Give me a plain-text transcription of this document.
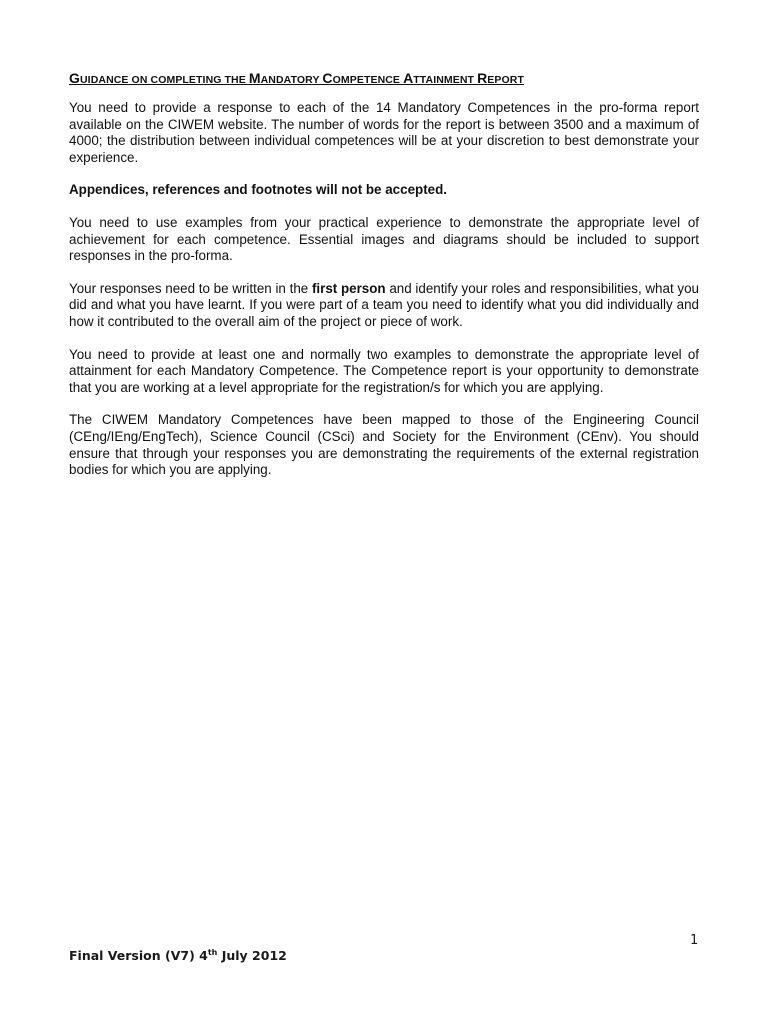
GUIDANCE ON COMPLETING THE MANDATORY COMPETENCE ATTAINMENT REPORT

You need to provide a response to each of the 14 Mandatory Competences in the pro-forma report available on the CIWEM website. The number of words for the report is between 3500 and a maximum of 4000; the distribution between individual competences will be at your discretion to best demonstrate your experience.

Appendices, references and footnotes will not be accepted.

You need to use examples from your practical experience to demonstrate the appropriate level of achievement for each competence. Essential images and diagrams should be included to support responses in the pro-forma.

Your responses need to be written in the first person and identify your roles and responsibilities, what you did and what you have learnt. If you were part of a team you need to identify what you did individually and how it contributed to the overall aim of the project or piece of work.

You need to provide at least one and normally two examples to demonstrate the appropriate level of attainment for each Mandatory Competence. The Competence report is your opportunity to demonstrate that you are working at a level appropriate for the registration/s for which you are applying.

The CIWEM Mandatory Competences have been mapped to those of the Engineering Council (CEng/IEng/EngTech), Science Council (CSci) and Society for the Environment (CEnv). You should ensure that through your responses you are demonstrating the requirements of the external registration bodies for which you are applying.

1
Final Version (V7) 4th July 2012
